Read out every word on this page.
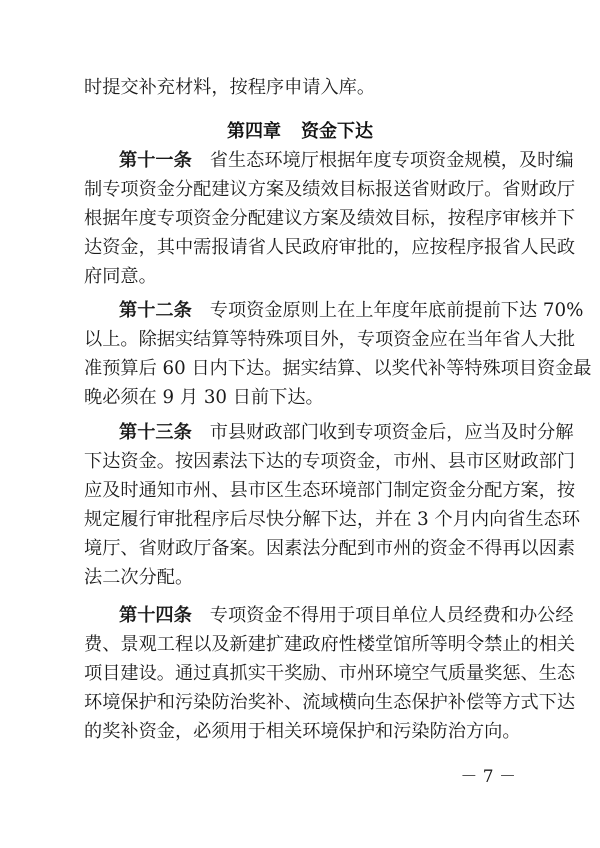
时提交补充材料，按程序申请入库。
第四章 资金下达
第十一条 省生态环境厅根据年度专项资金规模，及时编
制专项资金分配建议方案及绩效目标报送省财政厅。省财政厅
根据年度专项资金分配建议方案及绩效目标，按程序审核并下
达资金，其中需报请省人民政府审批的，应按程序报省人民政
府同意。
第十二条 专项资金原则上在上年度年底前提前下达 70%
以上。除据实结算等特殊项目外，专项资金应在当年省人大批
准预算后 60 日内下达。据实结算、以奖代补等特殊项目资金最
晚必须在 9 月 30 日前下达。
第十三条 市县财政部门收到专项资金后，应当及时分解
下达资金。按因素法下达的专项资金，市州、县市区财政部门
应及时通知市州、县市区生态环境部门制定资金分配方案，按
规定履行审批程序后尽快分解下达，并在 3 个月内向省生态环
境厅、省财政厅备案。因素法分配到市州的资金不得再以因素
法二次分配。
第十四条 专项资金不得用于项目单位人员经费和办公经
费、景观工程以及新建扩建政府性楼堂馆所等明令禁止的相关
项目建设。通过真抓实干奖励、市州环境空气质量奖惩、生态
环境保护和污染防治奖补、流域横向生态保护补偿等方式下达
的奖补资金，必须用于相关环境保护和污染防治方向。
－ 7 －
